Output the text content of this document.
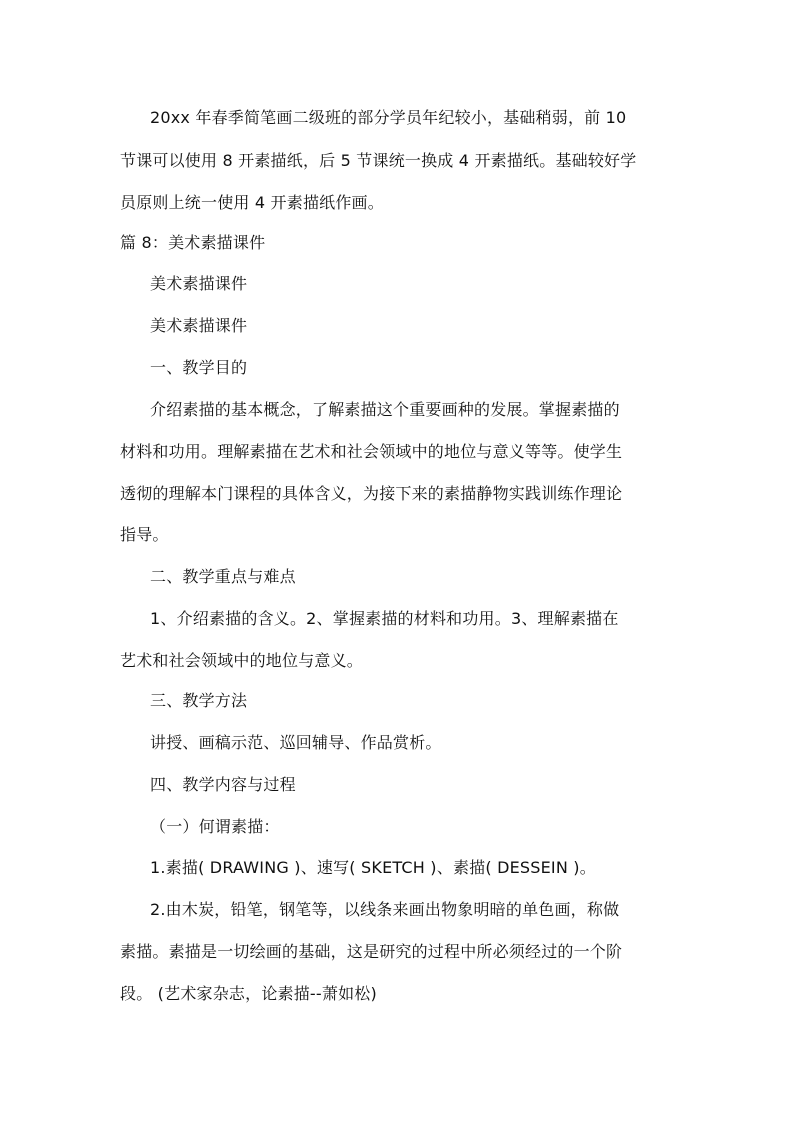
20xx 年春季简笔画二级班的部分学员年纪较小，基础稍弱，前 10
节课可以使用 8 开素描纸，后 5 节课统一换成 4 开素描纸。基础较好学
员原则上统一使用 4 开素描纸作画。
篇 8：美术素描课件
美术素描课件
美术素描课件
一、教学目的
介绍素描的基本概念，了解素描这个重要画种的发展。掌握素描的
材料和功用。理解素描在艺术和社会领域中的地位与意义等等。使学生
透彻的理解本门课程的具体含义，为接下来的素描静物实践训练作理论
指导。
二、教学重点与难点
1、介绍素描的含义。2、掌握素描的材料和功用。3、理解素描在
艺术和社会领域中的地位与意义。
三、教学方法
讲授、画稿示范、巡回辅导、作品赏析。
四、教学内容与过程
（一）何谓素描：
1.素描( DRAWING )、速写( SKETCH )、素描( DESSEIN )。
2.由木炭，铅笔，钢笔等，以线条来画出物象明暗的单色画，称做
素描。素描是一切绘画的基础，这是研究的过程中所必须经过的一个阶
段。 (艺术家杂志，论素描--萧如松)
